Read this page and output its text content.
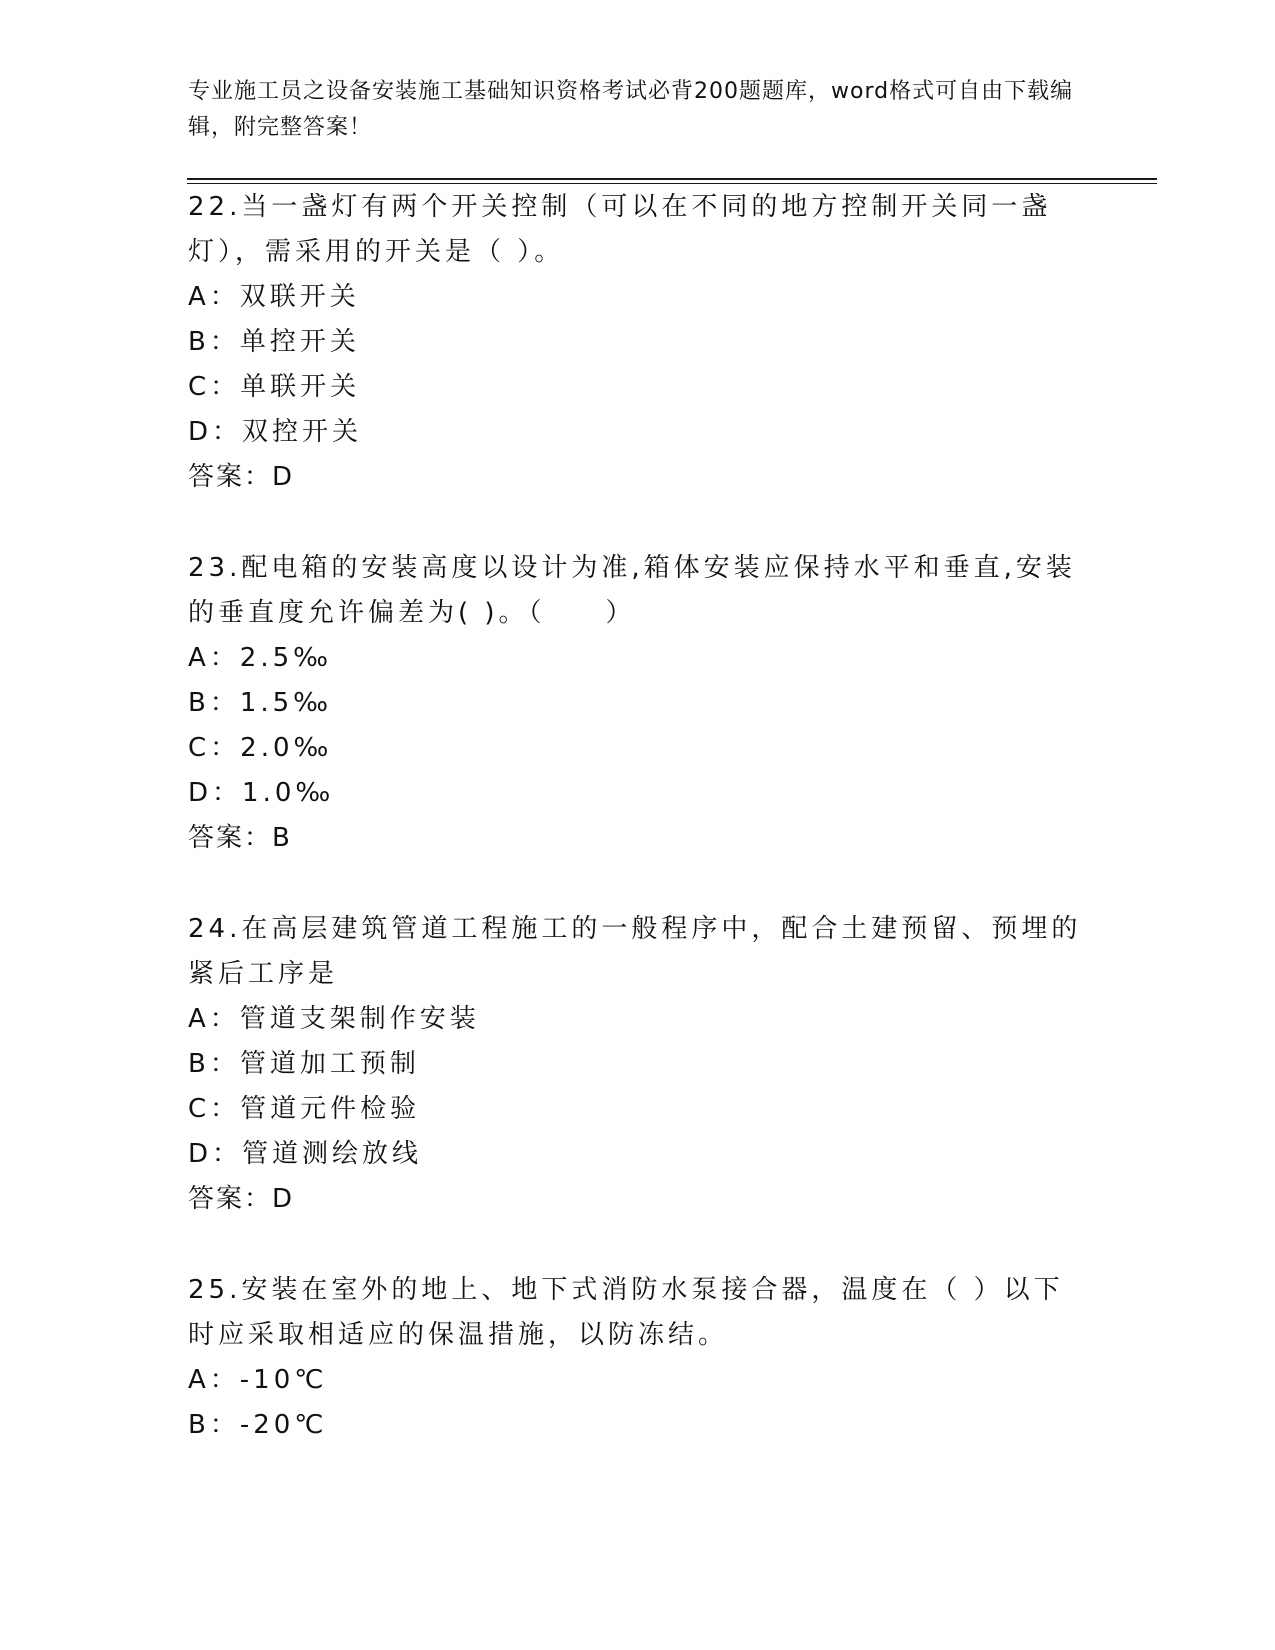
专业施工员之设备安装施工基础知识资格考试必背200题题库，word格式可自由下载编辑，附完整答案！

22.当一盏灯有两个开关控制（可以在不同的地方控制开关同一盏灯），需采用的开关是（ ）。

A：双联开关

B：单控开关

C：单联开关

D：双控开关

答案：D

23.配电箱的安装高度以设计为准,箱体安装应保持水平和垂直,安装的垂直度允许偏差为( )。（　　）

A：2.5‰

B：1.5‰

C：2.0‰

D：1.0‰

答案：B

24.在高层建筑管道工程施工的一般程序中，配合土建预留、预埋的紧后工序是

A：管道支架制作安装

B：管道加工预制

C：管道元件检验

D：管道测绘放线

答案：D

25.安装在室外的地上、地下式消防水泵接合器，温度在（ ）以下时应采取相适应的保温措施，以防冻结。

A：-10℃

B：-20℃
